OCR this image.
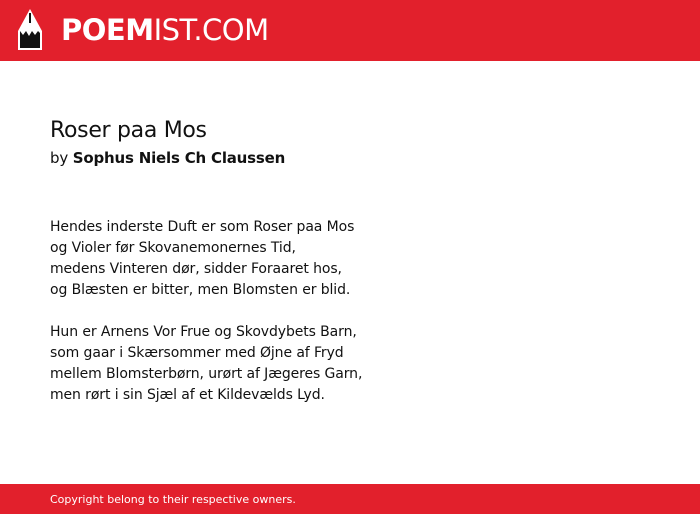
POEMIST.COM
Roser paa Mos
by Sophus Niels Ch Claussen
Hendes inderste Duft er som Roser paa Mos
og Violer før Skovanemonernes Tid,
medens Vinteren dør, sidder Foraaret hos,
og Blæsten er bitter, men Blomsten er blid.
Hun er Arnens Vor Frue og Skovdybets Barn,
som gaar i Skærsommer med Øjne af Fryd
mellem Blomsterbørn, urørt af Jægeres Garn,
men rørt i sin Sjæl af et Kildevælds Lyd.
Copyright belong to their respective owners.
